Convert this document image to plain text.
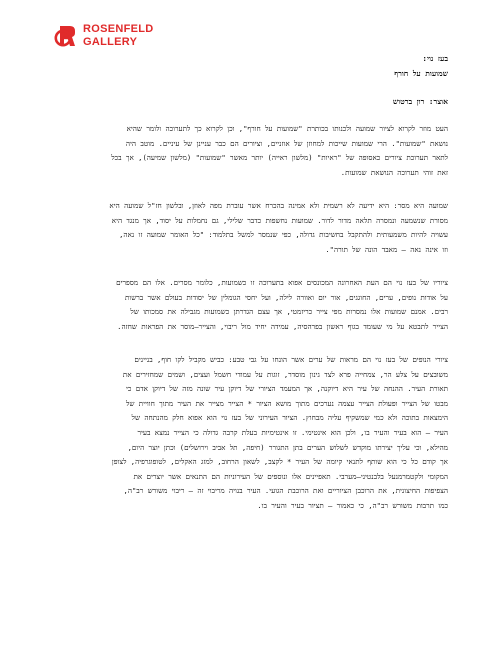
ROSENFELD
GALLERY
בעז נוי:
שמועות על חורף
אוצר: רון ברטוש
העט מוזר לקרוא לציור שמועה ולכנותו בכותרת "שמועות על חורף", וכן לקרוא כך לתערוכה ולומר שהיא
נושאת "שמועות". הרי שמועות שייכות למחוזן של אוזניים, וציורים הם כבר עניינן של עיניים. מוטב היה
לתאר תערוכת ציורים כאסופה של "ראיות" (מלשון ראייה) יותר מאשר "שמועות" (מלשון שמיעה), אך בכל
זאת זוהי תערוכה הנושאת שמועות.
שמועה היא מסר: היא ידיעה לא רשמית ולא אמינה בהכרח אשר עוברת מפה לאוזן, ובלשון חז"ל שמועה היא
מסורת שנשמעה ונמסרה תלאה מדור לדור. שמועות נחשפות כדבר שלילי, גם נחמלות על יסוד, אך מנגד היא
עשויה להיות משמעותית ולהתקבל בחשיבות גדולה, כפי שנמסר למשל בתלמוד: "כל האומר שמועה זו נאה,
וזו אינה נאה – מאבד הונה של תורה".
ציוריו של בעז נוי הם העת האחרונה המכונסים אפוא בתערוכה זו כשמועות, כלומר מסרים. אלו הם מספרים
על אודות נופים, ערים, החוגגים, אור יום ואוורה לילה, ועל יחסי הגומלין של יסודות בעולם אשר ברשות
רבים. אמנם שמועות אלו נמסרות מפי צייר כריזמטי, אך עצם הגדרתן כשמועות מגבילה את סמכותו של
הצייר לתבטא על מי שעומד בגוף ראשון בפרהסיה, עמידה יחיד מול ריבוי, והצייר–מוסר את הפראות שחזה.
ציורי הנופים של בעז נוי הם מראות של ערים אשר הונחו על גבי טבע: כביש מקביל לקו חוף, בניינים
משובצים על צלע הר, צמחייה פרא לצד גינון מוסדר, זוגות על עמודי חשמל ועצים, ושמים שמחזירים את
תאורת העיר. ההנחה של עיר היא דיוקנה, אך המעמד הציורי של דיוקן עיר שונה מזה של דיוקן אדם כי
מבטו של הצייר ופעולת הצייר עצמה נערכים מתוך מושא הציור * הצייר מצייר את העיר מתוך חוויית של
הימצאות בתוכה ולא כמי שמשקיף עליה מבחוץ. הציור העירוני של בעז נוי הוא אפוא חלק מהנתחה של
העיר – הוא בעיר והעיר בו, ולכן הוא אינטימי. זו אינטימיות בעלת קרבה גדולה כי הצייר נמצא בעיר
מהילא, וכי עליך יצירתו מוקדש לשלוש הערים בתן התגורר (חיפה, תל אביב וירושלים) וכתן יוצר היום,
אך קודם כל כי הוא שותף לתנאי קיומה של העיר * לקצב, לשאון הרחוב, למזג האקלים, לטופוגרפיה, לצופן
המקומי ולקטמרמנעל בלבנטיני–מערבי. תאפיינים אלו ונוספים של העירוניות הם התנאים אשר יוצרים את
הצפיפות החיצונית, את הרוכבן הציוריים ואת הרוכבת הגועי. העיר בנויה מריבוי זה – ריבוי משורש רב"ה,
כמו תרבות משורש רב"ה, כי כאמור – תציור בעיר והעיר בו.
